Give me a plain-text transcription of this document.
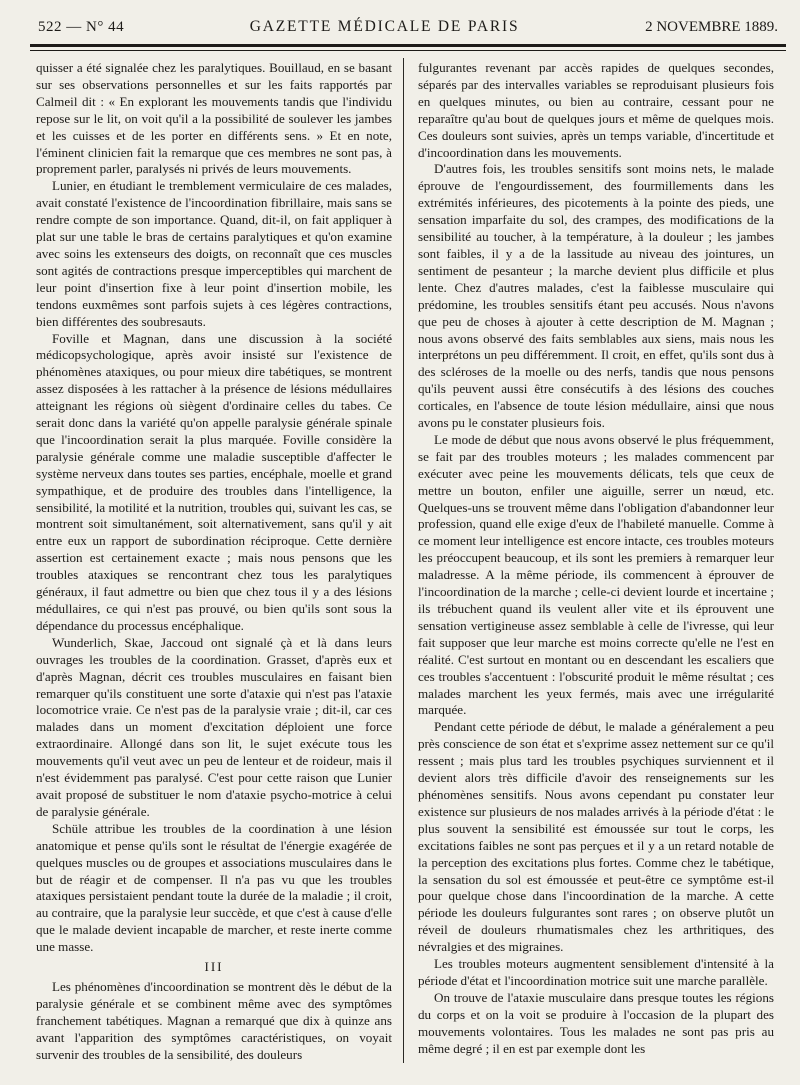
522 — N° 44	GAZETTE MÉDICALE DE PARIS	2 NOVEMBRE 1889.

quisser a été signalée chez les paralytiques. Bouillaud, en se basant sur ses observations personnelles et sur les faits rapportés par Calmeil dit : « En explorant les mouvements tandis que l'individu repose sur le lit, on voit qu'il a la possibilité de soulever les jambes et les cuisses et de les porter en différents sens. » Et en note, l'éminent clinicien fait la remarque que ces membres ne sont pas, à proprement parler, paralysés ni privés de leurs mouvements.

Lunier, en étudiant le tremblement vermiculaire de ces malades, avait constaté l'existence de l'incoordination fibrillaire, mais sans se rendre compte de son importance. Quand, dit-il, on fait appliquer à plat sur une table le bras de certains paralytiques et qu'on examine avec soins les extenseurs des doigts, on reconnaît que ces muscles sont agités de contractions presque imperceptibles qui marchent de leur point d'insertion fixe à leur point d'insertion mobile, les tendons euxmêmes sont parfois sujets à ces légères contractions, bien différentes des soubresauts.

Foville et Magnan, dans une discussion à la société médicopsychologique, après avoir insisté sur l'existence de phénomènes ataxiques, ou pour mieux dire tabétiques, se montrent assez disposées à les rattacher à la présence de lésions médullaires atteignant les régions où siègent d'ordinaire celles du tabes. Ce serait donc dans la variété qu'on appelle paralysie générale spinale que l'incoordination serait la plus marquée. Foville considère la paralysie générale comme une maladie susceptible d'affecter le système nerveux dans toutes ses parties, encéphale, moelle et grand sympathique, et de produire des troubles dans l'intelligence, la sensibilité, la motilité et la nutrition, troubles qui, suivant les cas, se montrent soit simultanément, soit alternativement, sans qu'il y ait entre eux un rapport de subordination réciproque. Cette dernière assertion est certainement exacte ; mais nous pensons que les troubles ataxiques se rencontrant chez tous les paralytiques généraux, il faut admettre ou bien que chez tous il y a des lésions médullaires, ce qui n'est pas prouvé, ou bien qu'ils sont sous la dépendance du processus encéphalique.

Wunderlich, Skae, Jaccoud ont signalé çà et là dans leurs ouvrages les troubles de la coordination. Grasset, d'après eux et d'après Magnan, décrit ces troubles musculaires en faisant bien remarquer qu'ils constituent une sorte d'ataxie qui n'est pas l'ataxie locomotrice vraie. Ce n'est pas de la paralysie vraie ; dit-il, car ces malades dans un moment d'excitation déploient une force extraordinaire. Allongé dans son lit, le sujet exécute tous les mouvements qu'il veut avec un peu de lenteur et de roideur, mais il n'est évidemment pas paralysé. C'est pour cette raison que Lunier avait proposé de substituer le nom d'ataxie psycho-motrice à celui de paralysie générale.

Schüle attribue les troubles de la coordination à une lésion anatomique et pense qu'ils sont le résultat de l'énergie exagérée de quelques muscles ou de groupes et associations musculaires dans le but de réagir et de compenser. Il n'a pas vu que les troubles ataxiques persistaient pendant toute la durée de la maladie ; il croit, au contraire, que la paralysie leur succède, et que c'est à cause d'elle que le malade devient incapable de marcher, et reste inerte comme une masse.

III

Les phénomènes d'incoordination se montrent dès le début de la paralysie générale et se combinent même avec des symptômes franchement tabétiques. Magnan a remarqué que dix à quinze ans avant l'apparition des symptômes caractéristiques, on voyait survenir des troubles de la sensibilité, des douleurs

fulgurantes revenant par accès rapides de quelques secondes, séparés par des intervalles variables se reproduisant plusieurs fois en quelques minutes, ou bien au contraire, cessant pour ne reparaître qu'au bout de quelques jours et même de quelques mois. Ces douleurs sont suivies, après un temps variable, d'incertitude et d'incoordination dans les mouvements.

D'autres fois, les troubles sensitifs sont moins nets, le malade éprouve de l'engourdissement, des fourmillements dans les extrémités inférieures, des picotements à la pointe des pieds, une sensation imparfaite du sol, des crampes, des modifications de la sensibilité au toucher, à la température, à la douleur ; les jambes sont faibles, il y a de la lassitude au niveau des jointures, un sentiment de pesanteur ; la marche devient plus difficile et plus lente. Chez d'autres malades, c'est la faiblesse musculaire qui prédomine, les troubles sensitifs étant peu accusés. Nous n'avons que peu de choses à ajouter à cette description de M. Magnan ; nous avons observé des faits semblables aux siens, mais nous les interprétons un peu différemment. Il croit, en effet, qu'ils sont dus à des scléroses de la moelle ou des nerfs, tandis que nous pensons qu'ils peuvent aussi être consécutifs à des lésions des couches corticales, en l'absence de toute lésion médullaire, ainsi que nous avons pu le constater plusieurs fois.

Le mode de début que nous avons observé le plus fréquemment, se fait par des troubles moteurs ; les malades commencent par exécuter avec peine les mouvements délicats, tels que ceux de mettre un bouton, enfiler une aiguille, serrer un nœud, etc. Quelques-uns se trouvent même dans l'obligation d'abandonner leur profession, quand elle exige d'eux de l'habileté manuelle. Comme à ce moment leur intelligence est encore intacte, ces troubles moteurs les préoccupent beaucoup, et ils sont les premiers à remarquer leur maladresse. A la même période, ils commencent à éprouver de l'incoordination de la marche ; celle-ci devient lourde et incertaine ; ils trébuchent quand ils veulent aller vite et ils éprouvent une sensation vertigineuse assez semblable à celle de l'ivresse, qui leur fait supposer que leur marche est moins correcte qu'elle ne l'est en réalité. C'est surtout en montant ou en descendant les escaliers que ces troubles s'accentuent : l'obscurité produit le même résultat ; ces malades marchent les yeux fermés, mais avec une irrégularité marquée.

Pendant cette période de début, le malade a généralement a peu près conscience de son état et s'exprime assez nettement sur ce qu'il ressent ; mais plus tard les troubles psychiques surviennent et il devient alors très difficile d'avoir des renseignements sur les phénomènes sensitifs. Nous avons cependant pu constater leur existence sur plusieurs de nos malades arrivés à la période d'état : le plus souvent la sensibilité est émoussée sur tout le corps, les excitations faibles ne sont pas perçues et il y a un retard notable de la perception des excitations plus fortes. Comme chez le tabétique, la sensation du sol est émoussée et peut-être ce symptôme est-il pour quelque chose dans l'incoordination de la marche. A cette période les douleurs fulgurantes sont rares ; on observe plutôt un réveil de douleurs rhumatismales chez les arthritiques, des névralgies et des migraines.

Les troubles moteurs augmentent sensiblement d'intensité à la période d'état et l'incoordination motrice suit une marche parallèle.

On trouve de l'ataxie musculaire dans presque toutes les régions du corps et on la voit se produire à l'occasion de la plupart des mouvements volontaires. Tous les malades ne sont pas pris au même degré ; il en est par exemple dont les
